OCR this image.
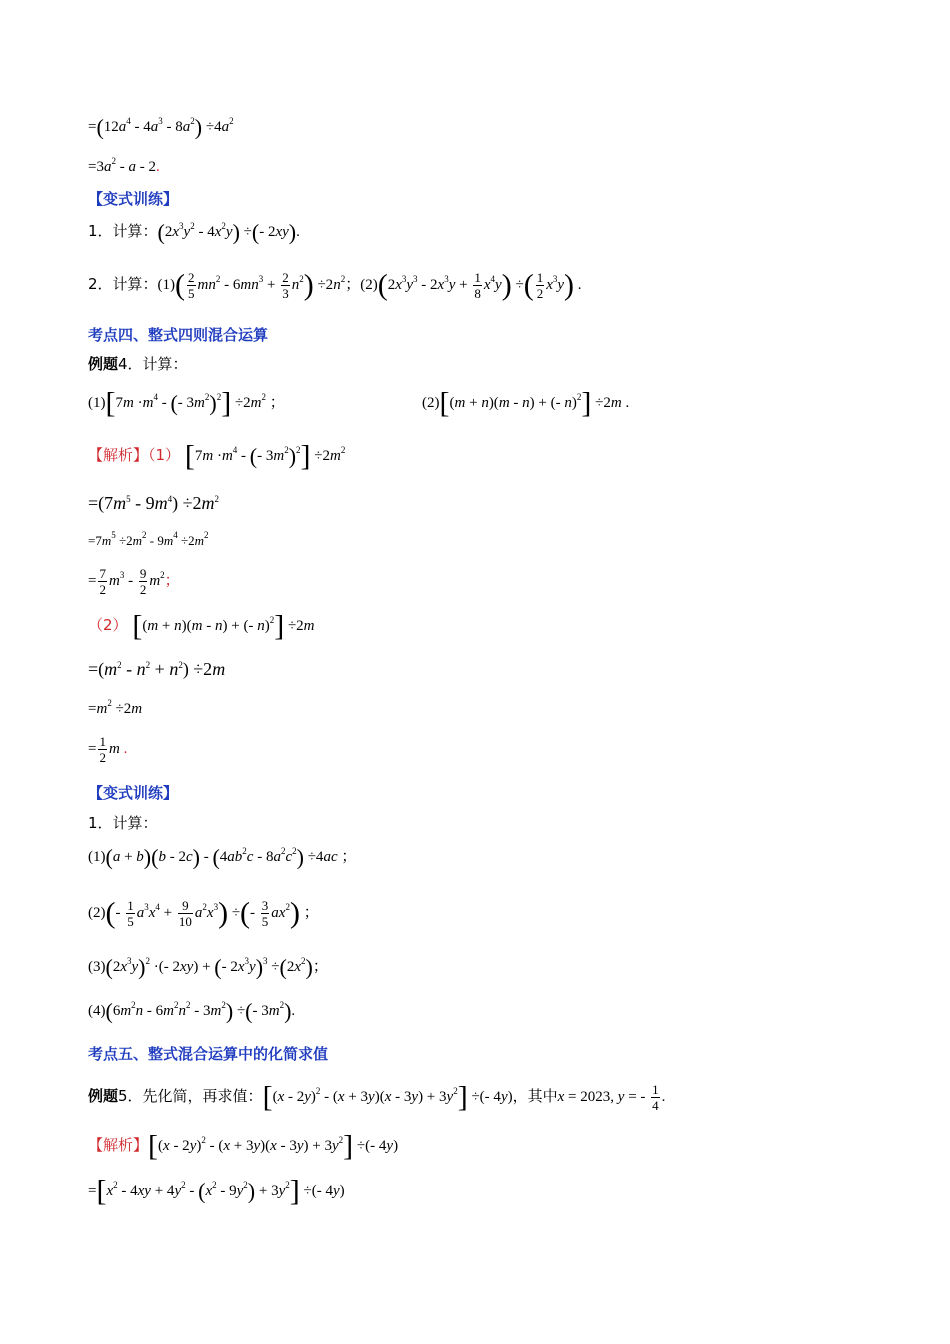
$=(12a^4 - 4a^3 - 8a^2) \div 4a^2$
$=3a^2 - a - 2$.
【变式训练】
1．计算：$(2x^3y^2 - 4x^2y)$ ÷(- 2xy).
2．计算：$(1)( \frac{2}{5} mn^2 - 6mn^3 + \frac{2}{3} n^2) \div 2n^2$；$(2)(2x^3y^3 - 2x^3y + \frac{1}{8} x^4y)$ ÷( $\frac{1}{2} x^3y$) .
考点四、整式四则混合运算
例题4．计算：
$(1)[7m \cdot m^4$ - (- $3m^2)^2] \div 2m^2$ ；	(2)[(m + n)(m - n) + (- n)$^2$] ÷2m .
【解析】（1） [$7m \cdot m^4$ - (- $3m^2)^2] \div 2m^2$
$=(7m^5 - 9m^4) \div 2m^2$
$=7m^5 \div 2m^2 - 9m^4 \div 2m^2$
= $\frac{7}{2} m^3 - \frac{9}{2} m^2$；
（2） [(m + n)(m - n) + (- n)$^2$] ÷2m
$=(m^2 - n^2 + n^2) \div 2m$
$=m^2 \div 2m$
= $\frac{1}{2}$ m .
【变式训练】
1．计算：
$(1)(a + b)(b - 2c) - (4ab^2c - 8a^2c^2) \div 4ac$ ；
$(2)(- \frac{1}{5} a^3x^4 + \frac{9}{10} a^2x^3)$ ÷(- $\frac{3}{5} ax^2$) ；
$(3)(2x^3y)^2$ ·(- 2xy) + (- $2x^3y)^3 \div(2x^2)$；
$(4)(6m^2n - 6m^2n^2 - 3m^2)$ ÷(- $3m^2$).
考点五、整式混合运算中的化简求值
例题5．先化简，再求值：$[(x - 2y)^2 - (x + 3y)(x - 3y) + 3y^2]$ ÷(- 4y)，其中x = 2023, y = - $\frac{1}{4}$ .
【解析】$[(x - 2y)^2 - (x + 3y)(x - 3y) + 3y^2]$ ÷(- 4y)
$=[x^2 - 4xy + 4y^2 - (x^2 - 9y^2) + 3y^2]$ ÷(- 4y)
